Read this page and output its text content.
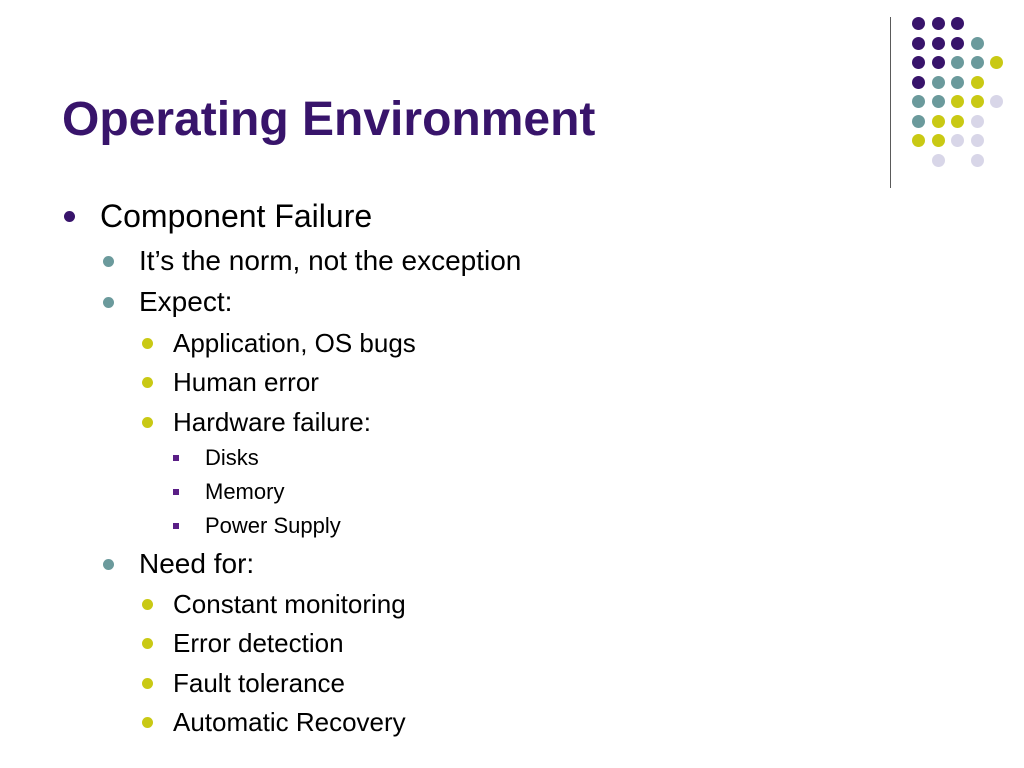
Operating Environment
Component Failure
It’s the norm, not the exception
Expect:
Application, OS bugs
Human error
Hardware failure:
Disks
Memory
Power Supply
Need for:
Constant monitoring
Error detection
Fault tolerance
Automatic Recovery
